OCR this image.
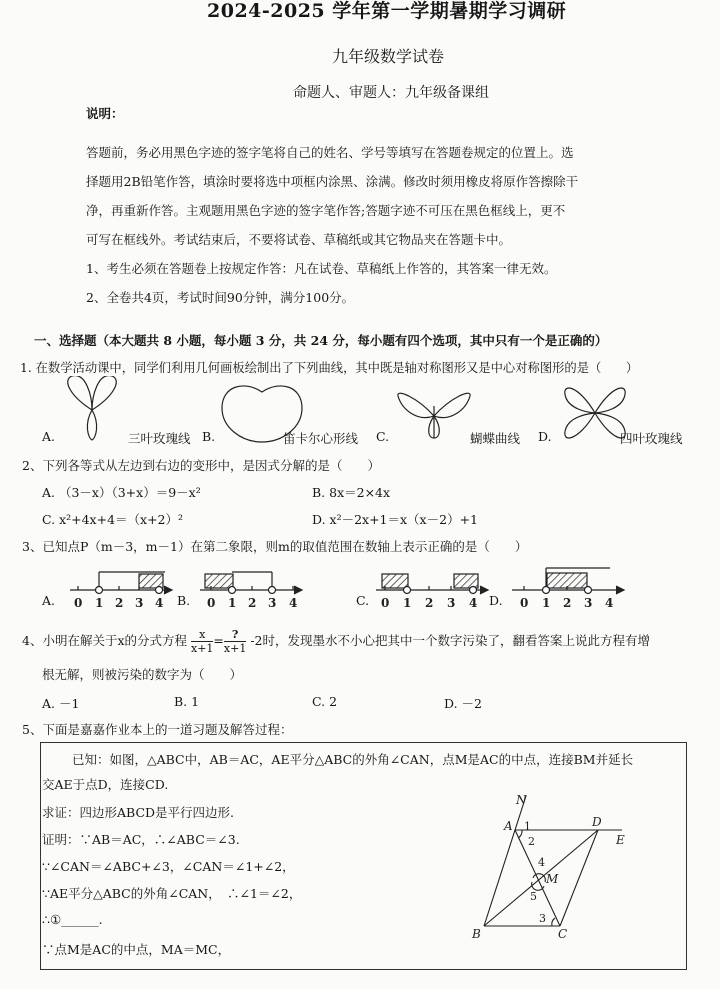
2024-2025 学年第一学期暑期学习调研
九年级数学试卷
命题人、审题人：九年级备课组
说明：
答题前，务必用黑色字迹的签字笔将自己的姓名、学号等填写在答题卷规定的位置上。选
择题用2B铅笔作答，填涂时要将选中项框内涂黑、涂满。修改时须用橡皮将原作答擦除干
净，再重新作答。主观题用黑色字迹的签字笔作答;答题字迹不可压在黑色框线上，更不
可写在框线外。考试结束后，不要将试卷、草稿纸或其它物品夹在答题卡中。
1、考生必须在答题卷上按规定作答：凡在试卷、草稿纸上作答的，其答案一律无效。
2、全卷共4页，考试时间90分钟，满分100分。
一、选择题（本大题共 8 小题，每小题 3 分，共 24 分，每小题有四个选项，其中只有一个是正确的）
1. 在数学活动课中，同学们利用几何画板绘制出了下列曲线，其中既是轴对称图形又是中心对称图形的是（　　）
A.	三叶玫瑰线 B.	笛卡尔心形线 C.	蝴蝶曲线 D.	四叶玫瑰线
2、下列各等式从左边到右边的变形中，是因式分解的是（　　）
A. （3－x）（3+x）＝9－x²	B. 8x＝2×4x
C. x²+4x+4＝（x+2）²	D. x²－2x+1＝x（x－2）+1
3、已知点P（m－3，m－1）在第二象限，则m的取值范围在数轴上表示正确的是（　　）
0 1 2 3 4	0 1 2 3 4	0 1 2 3 4	0 1 2 3 4
A.	B.	C.	D.
4、小明在解关于x的分式方程 $\frac{x}{x+1} = \frac{?}{x+1} -2$时，发现墨水不小心把其中一个数字污染了，翻看答案上说此方程有增
根无解，则被污染的数字为（　　）
A. －1	B. 1	C. 2	D. －2
5、下面是嘉嘉作业本上的一道习题及解答过程：
已知：如图，△ABC中，AB＝AC，AE平分△ABC的外角∠CAN，点M是AC的中点，连接BM并延长
交AE于点D，连接CD.
求证：四边形ABCD是平行四边形.
证明：∵AB＝AC，∴∠ABC＝∠3.
∵∠CAN＝∠ABC+∠3，∠CAN＝∠1+∠2，
∵AE平分△ABC的外角∠CAN，　∴∠1＝∠2，
∴①______.
∵点M是AC的中点，MA＝MC，
N
A 1
2
D
E
4
M
5
3
B	C
